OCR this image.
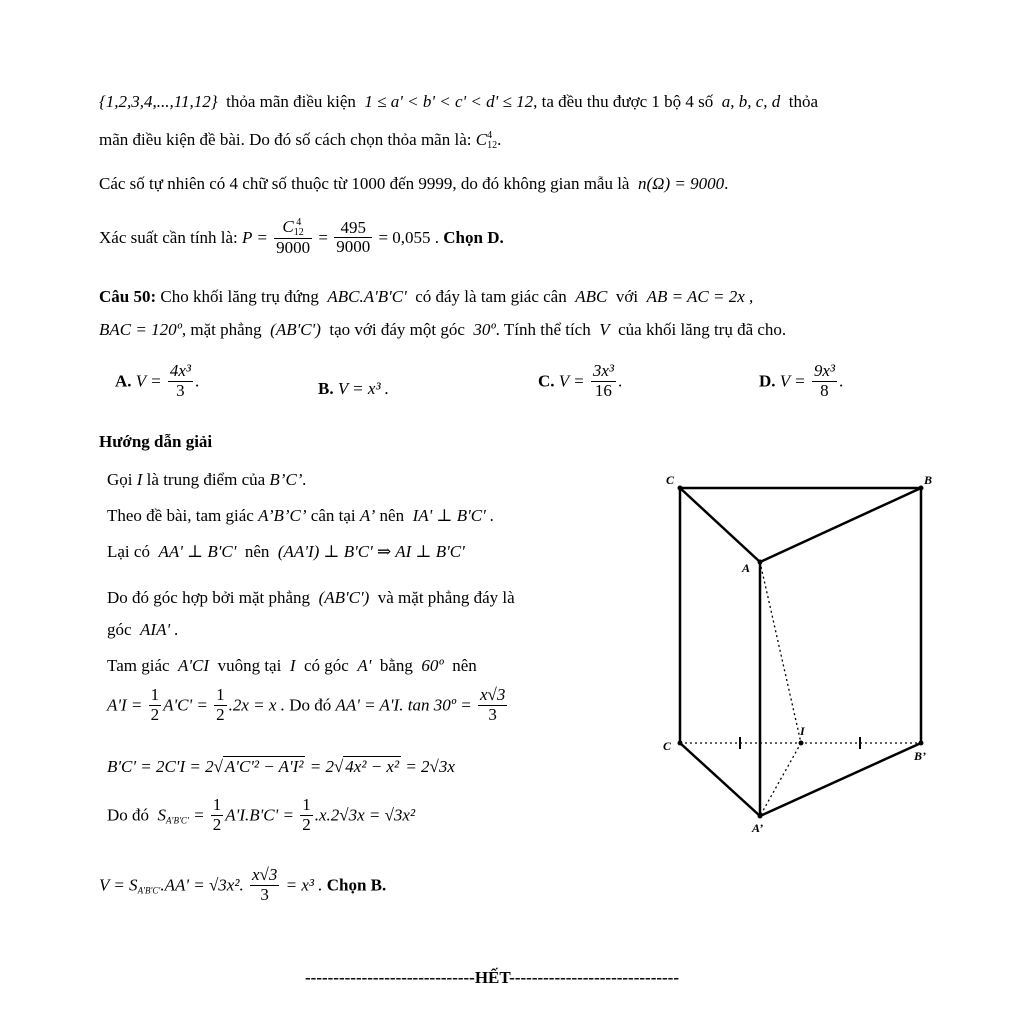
{1,2,3,4,...,11,12} thỏa mãn điều kiện 1 ≤ a' < b' < c' < d' ≤ 12, ta đều thu được 1 bộ 4 số a, b, c, d thỏa
mãn điều kiện đề bài. Do đó số cách chọn thỏa mãn là: C 4
12 .
Các số tự nhiên có 4 chữ số thuộc từ 1000 đến 9999, do đó không gian mẫu là n(Ω) = 9000.
Xác suất cần tính là: P = C 4
12
$9000 = \frac{495}{9000} = 0,055$ . Chọn D.
Câu 50: Cho khối lăng trụ đứng ABC.A'B'C' có đáy là tam giác cân ABC với AB = AC = 2x ,
BAC = 120º, mặt phẳng (AB'C') tạo với đáy một góc 30º. Tính thể tích V của khối lăng trụ đã cho.
A. $V = \frac{\text{4x³}}{3}$ .	B. V = x³ .	C. $V = \frac{\text{3x³}}{16}$ .	D. $V = \frac{\text{9x³}}{8}$ .
Hướng dẫn giải
Gọi I là trung điểm của B’C’.
Theo đề bài, tam giác A’B’C’ cân tại A’ nên IA' ⊥ B'C' .
Lại có AA' ⊥ B'C' nên (AA'I) ⊥ B'C' ⇒ AI ⊥ B'C'
Do đó góc hợp bởi mặt phẳng (AB'C') và mặt phẳng đáy là
góc AIA' .
Tam giác A'CI vuông tại I có góc A' bằng 60º nên
$A'I = \frac{1}{2} A'C' = \frac{1}{2} .2x = x$ . Do đó AA' = A'I. tan 30º = $\frac{x√3}{3}$
B'C' = 2C'I = 2√ A'C'² − A'I² = 2√ 4x² − x² = 2√3x
Do đó $S_{A'B'C'} = \frac{1}{2} A'I.B'C' = \frac{1}{2} .x.2√3x = √3x^2$
$V = S_{A'B'C'}.AA' = √3x^2$. $\frac{x√3}{3} = x^3$ . Chọn B.
------------------------------HẾT------------------------------
C	B
A
I
C
B’
A’
